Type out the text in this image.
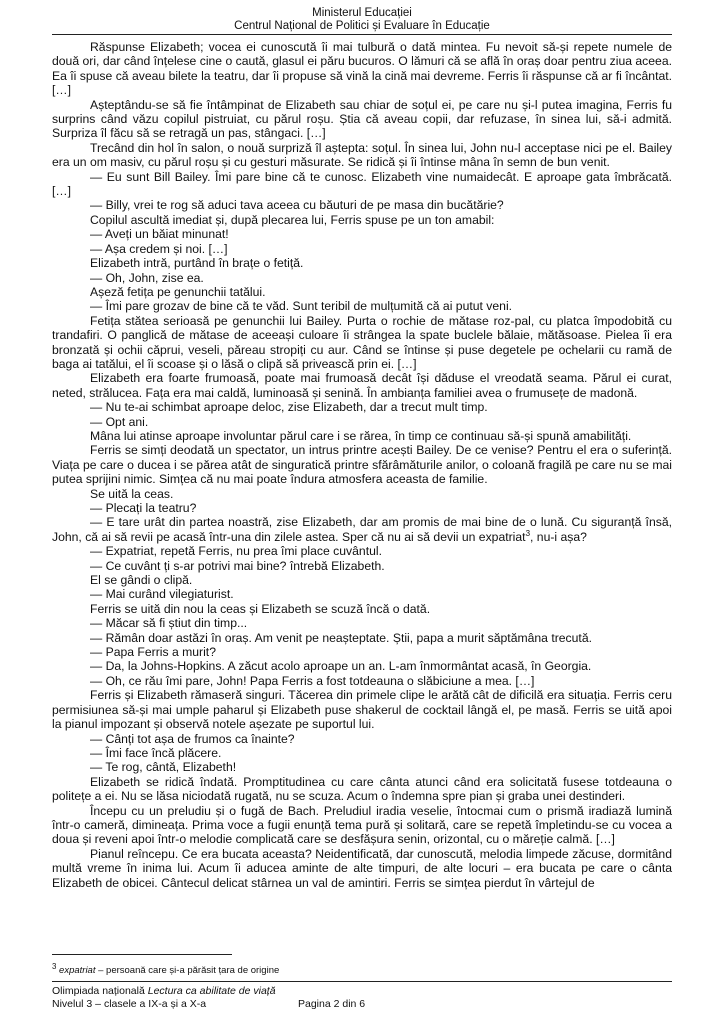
Ministerul Educației
Centrul Național de Politici și Evaluare în Educație

Răspunse Elizabeth; vocea ei cunoscută îi mai tulbură o dată mintea. Fu nevoit să-și repete numele de două ori, dar când înțelese cine o caută, glasul ei păru bucuros. O lămuri că se află în oraș doar pentru ziua aceea. Ea îi spuse că aveau bilete la teatru, dar îi propuse să vină la cină mai devreme. Ferris îi răspunse că ar fi încântat. […]

Așteptându-se să fie întâmpinat de Elizabeth sau chiar de soțul ei, pe care nu și-l putea imagina, Ferris fu surprins când văzu copilul pistruiat, cu părul roșu. Știa că aveau copii, dar refuzase, în sinea lui, să-i admită. Surpriza îl făcu să se retragă un pas, stângaci. […]

Trecând din hol în salon, o nouă surpriză îl aștepta: soțul. În sinea lui, John nu-l acceptase nici pe el. Bailey era un om masiv, cu părul roșu și cu gesturi măsurate. Se ridică și îi întinse mâna în semn de bun venit.

— Eu sunt Bill Bailey. Îmi pare bine că te cunosc. Elizabeth vine numaidecât. E aproape gata îmbrăcată. […]

— Billy, vrei te rog să aduci tava aceea cu băuturi de pe masa din bucătărie?

Copilul ascultă imediat și, după plecarea lui, Ferris spuse pe un ton amabil:

— Aveți un băiat minunat!

— Așa credem și noi. […]

Elizabeth intră, purtând în brațe o fetiță.

— Oh, John, zise ea.

Așeză fetița pe genunchii tatălui.

— Îmi pare grozav de bine că te văd. Sunt teribil de mulțumită că ai putut veni.

Fetița stătea serioasă pe genunchii lui Bailey. Purta o rochie de mătase roz-pal, cu platca împodobită cu trandafiri. O panglică de mătase de aceeași culoare îi strângea la spate buclele bălaie, mătăsoase. Pielea îi era bronzată și ochii căprui, veseli, păreau stropiți cu aur. Când se întinse și puse degetele pe ochelarii cu ramă de baga ai tatălui, el îi scoase și o lăsă o clipă să privească prin ei. […]

Elizabeth era foarte frumoasă, poate mai frumoasă decât își dăduse el vreodată seama. Părul ei curat, neted, strălucea. Fața era mai caldă, luminoasă și senină. În ambianța familiei avea o frumusețe de madonă.

— Nu te-ai schimbat aproape deloc, zise Elizabeth, dar a trecut mult timp.

— Opt ani.

Mâna lui atinse aproape involuntar părul care i se rărea, în timp ce continuau să-și spună amabilități.

Ferris se simți deodată un spectator, un intrus printre acești Bailey. De ce venise? Pentru el era o suferință. Viața pe care o ducea i se părea atât de singuratică printre sfărâmăturile anilor, o coloană fragilă pe care nu se mai putea sprijini nimic. Simțea că nu mai poate îndura atmosfera aceasta de familie.

Se uită la ceas.

— Plecați la teatru?

— E tare urât din partea noastră, zise Elizabeth, dar am promis de mai bine de o lună. Cu siguranță însă, John, că ai să revii pe acasă într-una din zilele astea. Sper că nu ai să devii un expatriat$^3$, nu-i așa?

— Expatriat, repetă Ferris, nu prea îmi place cuvântul.

— Ce cuvânt ți s-ar potrivi mai bine? întrebă Elizabeth.

El se gândi o clipă.

— Mai curând vilegiaturist.

Ferris se uită din nou la ceas și Elizabeth se scuză încă o dată.

— Măcar să fi știut din timp...

— Rămân doar astăzi în oraș. Am venit pe neașteptate. Știi, papa a murit săptămâna trecută.

— Papa Ferris a murit?

— Da, la Johns-Hopkins. A zăcut acolo aproape un an. L-am înmormântat acasă, în Georgia.

— Oh, ce rău îmi pare, John! Papa Ferris a fost totdeauna o slăbiciune a mea. […]

Ferris și Elizabeth rămaseră singuri. Tăcerea din primele clipe le arătă cât de dificilă era situația. Ferris ceru permisiunea să-și mai umple paharul și Elizabeth puse shakerul de cocktail lângă el, pe masă. Ferris se uită apoi la pianul impozant și observă notele așezate pe suportul lui.

— Cânți tot așa de frumos ca înainte?

— Îmi face încă plăcere.

— Te rog, cântă, Elizabeth!

Elizabeth se ridică îndată. Promptitudinea cu care cânta atunci când era solicitată fusese totdeauna o politețe a ei. Nu se lăsa niciodată rugată, nu se scuza. Acum o îndemna spre pian și graba unei destinderi.

Începu cu un preludiu și o fugă de Bach. Preludiul iradia veselie, întocmai cum o prismă iradiază lumină într-o cameră, dimineața. Prima voce a fugii enunță tema pură și solitară, care se repetă împletindu-se cu vocea a doua și reveni apoi într-o melodie complicată care se desfășura senin, orizontal, cu o măreție calmă. […]

Pianul reîncepu. Ce era bucata aceasta? Neidentificată, dar cunoscută, melodia limpede zăcuse, dormitând multă vreme în inima lui. Acum îi aducea aminte de alte timpuri, de alte locuri – era bucata pe care o cânta Elizabeth de obicei. Cântecul delicat stârnea un val de amintiri. Ferris se simțea pierdut în vârtejul de

$^3$ expatriat – persoană care și-a părăsit țara de origine
Olimpiada națională Lectura ca abilitate de viață
Nivelul 3 – clasele a IX-a și a X-a	Pagina 2 din 6
